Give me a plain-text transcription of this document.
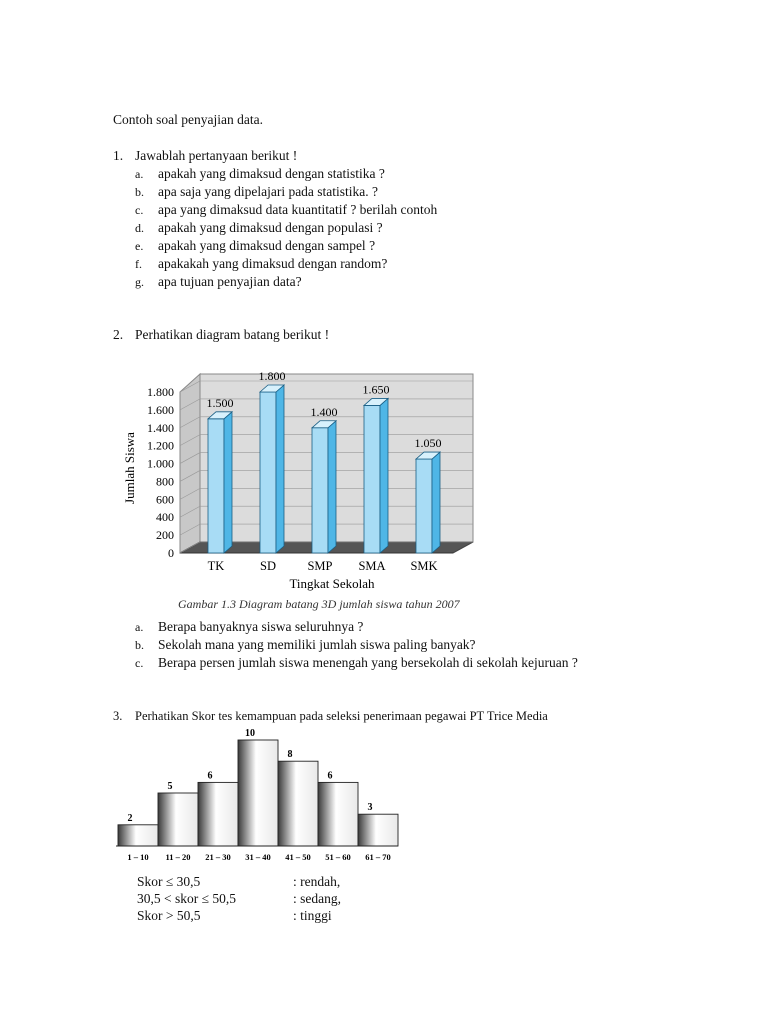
Contoh soal penyajian data.
1. Jawablah pertanyaan berikut !
a. apakah yang dimaksud dengan statistika ?
b. apa saja yang dipelajari pada statistika. ?
c. apa yang dimaksud data kuantitatif ? berilah contoh
d. apakah yang dimaksud dengan populasi ?
e. apakah yang dimaksud dengan sampel ?
f. apakakah yang dimaksud dengan random?
g. apa tujuan penyajian data?
2. Perhatikan diagram batang berikut !
0
200
400
600
800
1.000
1.200
1.400
1.600
1.800
1.500
1.800
1.400
1.650
1.050
TK	SD	SMP SMA SMK
Jumlah Siswa
Tingkat Sekolah
Gambar 1.3 Diagram batang 3D jumlah siswa tahun 2007
a. Berapa banyaknya siswa seluruhnya ?
b. Sekolah mana yang memiliki jumlah siswa paling banyak?
c. Berapa persen jumlah siswa menengah yang bersekolah di sekolah kejuruan ?
3. Perhatikan Skor tes kemampuan pada seleksi penerimaan pegawai PT Trice Media
2
5
6
10
8
6
3
1 – 10 11 – 20 21 – 30 31 – 40 41 – 50 51 – 60 61 – 70
Skor ≤ 30,5	: rendah,
30,5 < skor ≤ 50,5	: sedang,
Skor > 50,5	: tinggi
